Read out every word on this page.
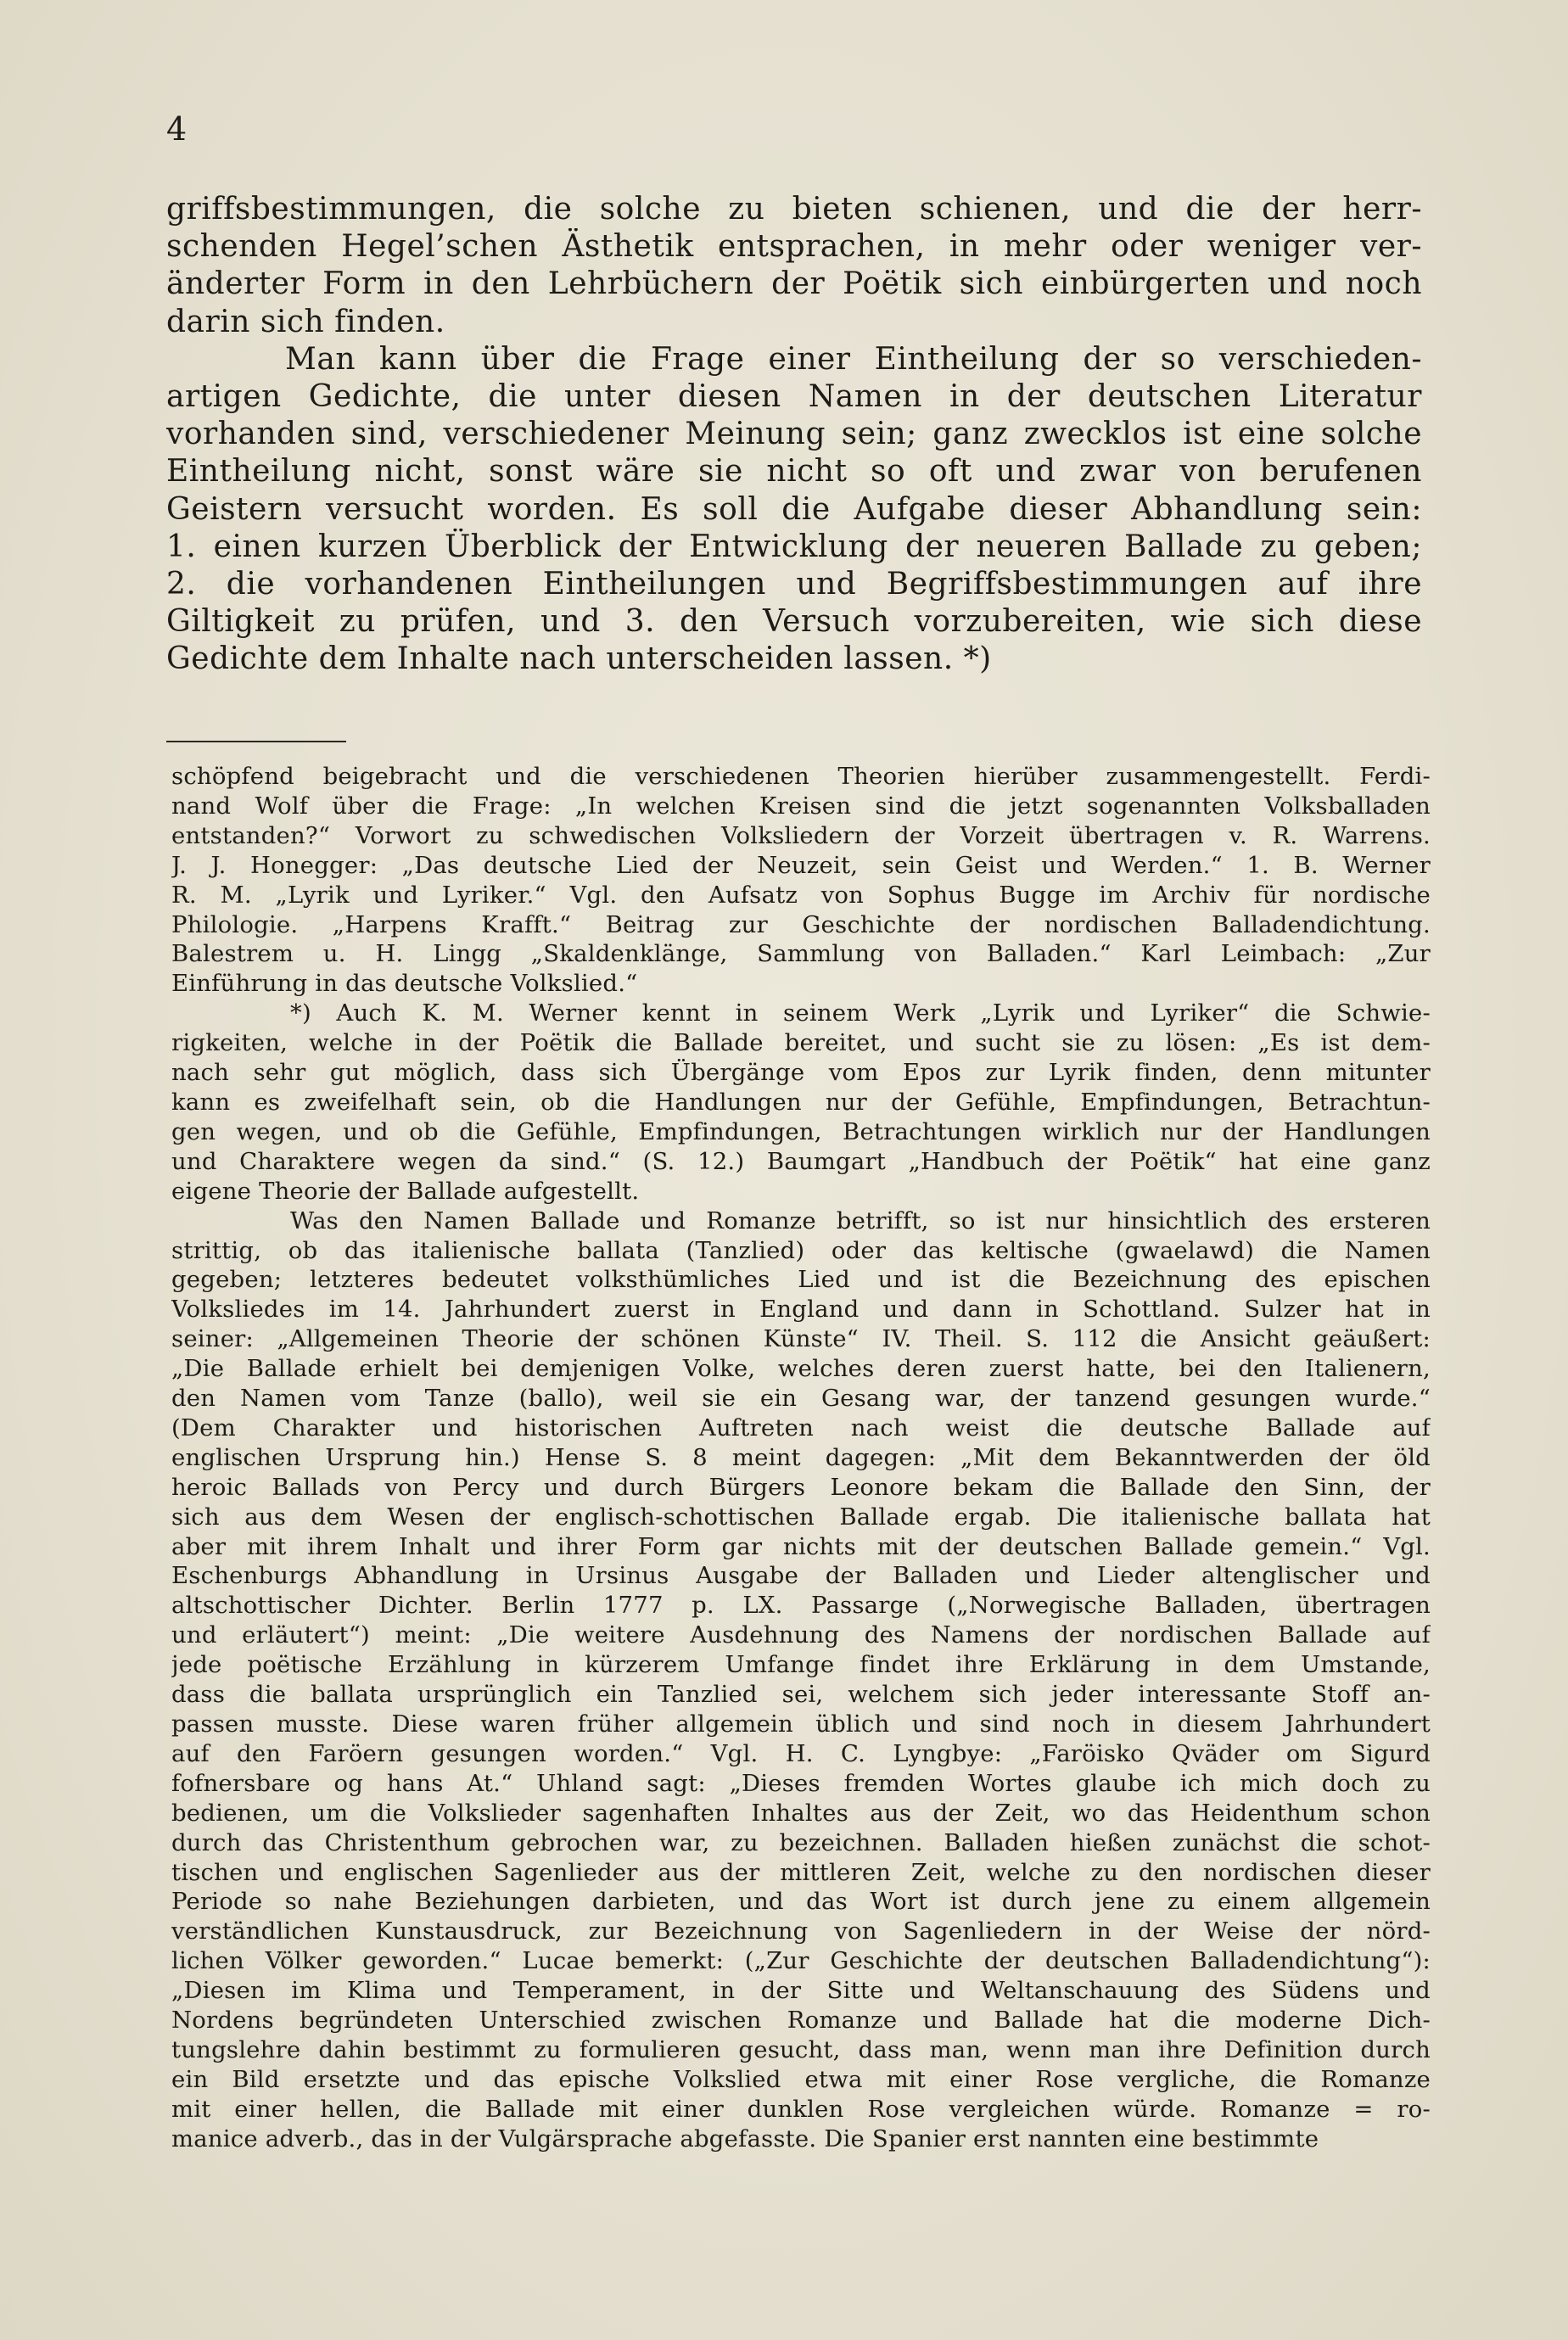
4
griffsbestimmungen, die solche zu bieten schienen, und die der herr-
schenden Hegel’schen Ästhetik entsprachen, in mehr oder weniger ver-
änderter Form in den Lehrbüchern der Poëtik sich einbürgerten und noch
darin sich finden.
Man kann über die Frage einer Eintheilung der so verschieden-
artigen Gedichte, die unter diesen Namen in der deutschen Literatur
vorhanden sind, verschiedener Meinung sein; ganz zwecklos ist eine solche
Eintheilung nicht, sonst wäre sie nicht so oft und zwar von berufenen
Geistern versucht worden. Es soll die Aufgabe dieser Abhandlung sein:
1. einen kurzen Überblick der Entwicklung der neueren Ballade zu geben;
2. die vorhandenen Eintheilungen und Begriffsbestimmungen auf ihre
Giltigkeit zu prüfen, und 3. den Versuch vorzubereiten, wie sich diese
Gedichte dem Inhalte nach unterscheiden lassen. *)
schöpfend beigebracht und die verschiedenen Theorien hierüber zusammengestellt. Ferdi-
nand Wolf über die Frage: „In welchen Kreisen sind die jetzt sogenannten Volksballaden
entstanden?“ Vorwort zu schwedischen Volksliedern der Vorzeit übertragen v. R. Warrens.
J. J. Honegger: „Das deutsche Lied der Neuzeit, sein Geist und Werden.“ 1. B. Werner
R. M. „Lyrik und Lyriker.“ Vgl. den Aufsatz von Sophus Bugge im Archiv für nordische
Philologie. „Harpens Krafft.“ Beitrag zur Geschichte der nordischen Balladendichtung.
Balestrem u. H. Lingg „Skaldenklänge, Sammlung von Balladen.“ Karl Leimbach: „Zur
Einführung in das deutsche Volkslied.“
*) Auch K. M. Werner kennt in seinem Werk „Lyrik und Lyriker“ die Schwie-
rigkeiten, welche in der Poëtik die Ballade bereitet, und sucht sie zu lösen: „Es ist dem-
nach sehr gut möglich, dass sich Übergänge vom Epos zur Lyrik finden, denn mitunter
kann es zweifelhaft sein, ob die Handlungen nur der Gefühle, Empfindungen, Betrachtun-
gen wegen, und ob die Gefühle, Empfindungen, Betrachtungen wirklich nur der Handlungen
und Charaktere wegen da sind.“ (S. 12.) Baumgart „Handbuch der Poëtik“ hat eine ganz
eigene Theorie der Ballade aufgestellt.
Was den Namen Ballade und Romanze betrifft, so ist nur hinsichtlich des ersteren
strittig, ob das italienische ballata (Tanzlied) oder das keltische (gwaelawd) die Namen
gegeben; letzteres bedeutet volksthümliches Lied und ist die Bezeichnung des epischen
Volksliedes im 14. Jahrhundert zuerst in England und dann in Schottland. Sulzer hat in
seiner: „Allgemeinen Theorie der schönen Künste“ IV. Theil. S. 112 die Ansicht geäußert:
„Die Ballade erhielt bei demjenigen Volke, welches deren zuerst hatte, bei den Italienern,
den Namen vom Tanze (ballo), weil sie ein Gesang war, der tanzend gesungen wurde.“
(Dem Charakter und historischen Auftreten nach weist die deutsche Ballade auf
englischen Ursprung hin.) Hense S. 8 meint dagegen: „Mit dem Bekanntwerden der öld
heroic Ballads von Percy und durch Bürgers Leonore bekam die Ballade den Sinn, der
sich aus dem Wesen der englisch-schottischen Ballade ergab. Die italienische ballata hat
aber mit ihrem Inhalt und ihrer Form gar nichts mit der deutschen Ballade gemein.“ Vgl.
Eschenburgs Abhandlung in Ursinus Ausgabe der Balladen und Lieder altenglischer und
altschottischer Dichter. Berlin 1777 p. LX. Passarge („Norwegische Balladen, übertragen
und erläutert“) meint: „Die weitere Ausdehnung des Namens der nordischen Ballade auf
jede poëtische Erzählung in kürzerem Umfange findet ihre Erklärung in dem Umstande,
dass die ballata ursprünglich ein Tanzlied sei, welchem sich jeder interessante Stoff an-
passen musste. Diese waren früher allgemein üblich und sind noch in diesem Jahrhundert
auf den Faröern gesungen worden.“ Vgl. H. C. Lyngbye: „Faröisko Qväder om Sigurd
fofnersbare og hans At.“ Uhland sagt: „Dieses fremden Wortes glaube ich mich doch zu
bedienen, um die Volkslieder sagenhaften Inhaltes aus der Zeit, wo das Heidenthum schon
durch das Christenthum gebrochen war, zu bezeichnen. Balladen hießen zunächst die schot-
tischen und englischen Sagenlieder aus der mittleren Zeit, welche zu den nordischen dieser
Periode so nahe Beziehungen darbieten, und das Wort ist durch jene zu einem allgemein
verständlichen Kunstausdruck, zur Bezeichnung von Sagenliedern in der Weise der nörd-
lichen Völker geworden.“ Lucae bemerkt: („Zur Geschichte der deutschen Balladendichtung“):
„Diesen im Klima und Temperament, in der Sitte und Weltanschauung des Südens und
Nordens begründeten Unterschied zwischen Romanze und Ballade hat die moderne Dich-
tungslehre dahin bestimmt zu formulieren gesucht, dass man, wenn man ihre Definition durch
ein Bild ersetzte und das epische Volkslied etwa mit einer Rose vergliche, die Romanze
mit einer hellen, die Ballade mit einer dunklen Rose vergleichen würde. Romanze = ro-
manice adverb., das in der Vulgärsprache abgefasste. Die Spanier erst nannten eine bestimmte
